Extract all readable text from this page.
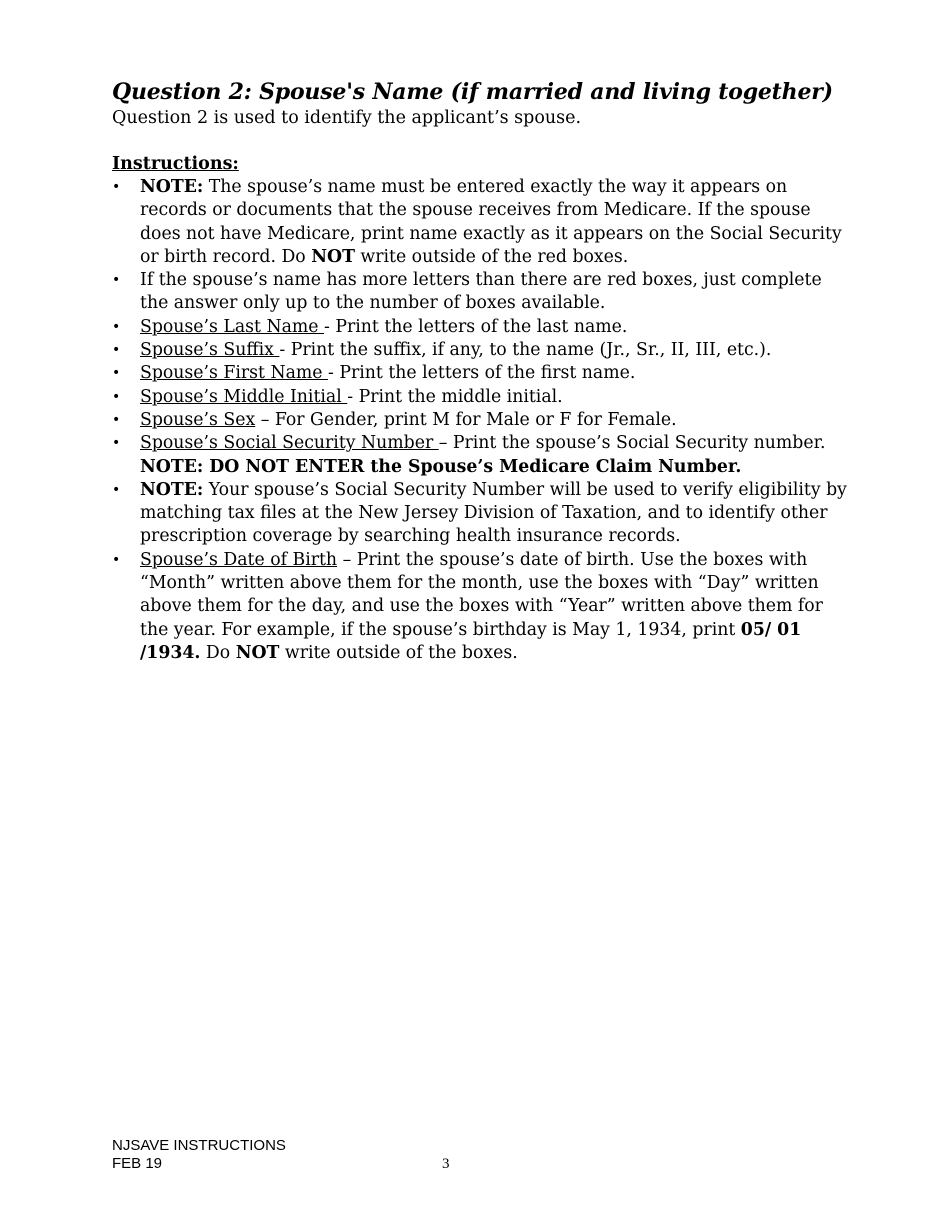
Question 2: Spouse's Name (if married and living together)

Question 2 is used to identify the applicant’s spouse.

Instructions:

• NOTE: The spouse’s name must be entered exactly the way it appears on records or documents that the spouse receives from Medicare. If the spouse does not have Medicare, print name exactly as it appears on the Social Security or birth record. Do NOT write outside of the red boxes.
• If the spouse’s name has more letters than there are red boxes, just complete the answer only up to the number of boxes available.
• Spouse’s Last Name - Print the letters of the last name.
• Spouse’s Suffix - Print the suffix, if any, to the name (Jr., Sr., II, III, etc.).
• Spouse’s First Name - Print the letters of the first name.
• Spouse’s Middle Initial - Print the middle initial.
• Spouse’s Sex – For Gender, print M for Male or F for Female.
• Spouse’s Social Security Number – Print the spouse’s Social Security number.
NOTE: DO NOT ENTER the Spouse’s Medicare Claim Number.
• NOTE: Your spouse’s Social Security Number will be used to verify eligibility by matching tax files at the New Jersey Division of Taxation, and to identify other prescription coverage by searching health insurance records.
• Spouse’s Date of Birth – Print the spouse’s date of birth. Use the boxes with “Month” written above them for the month, use the boxes with “Day” written above them for the day, and use the boxes with “Year” written above them for the year. For example, if the spouse’s birthday is May 1, 1934, print 05/ 01 /1934. Do NOT write outside of the boxes.
NJSAVE INSTRUCTIONS
FEB 19	3
